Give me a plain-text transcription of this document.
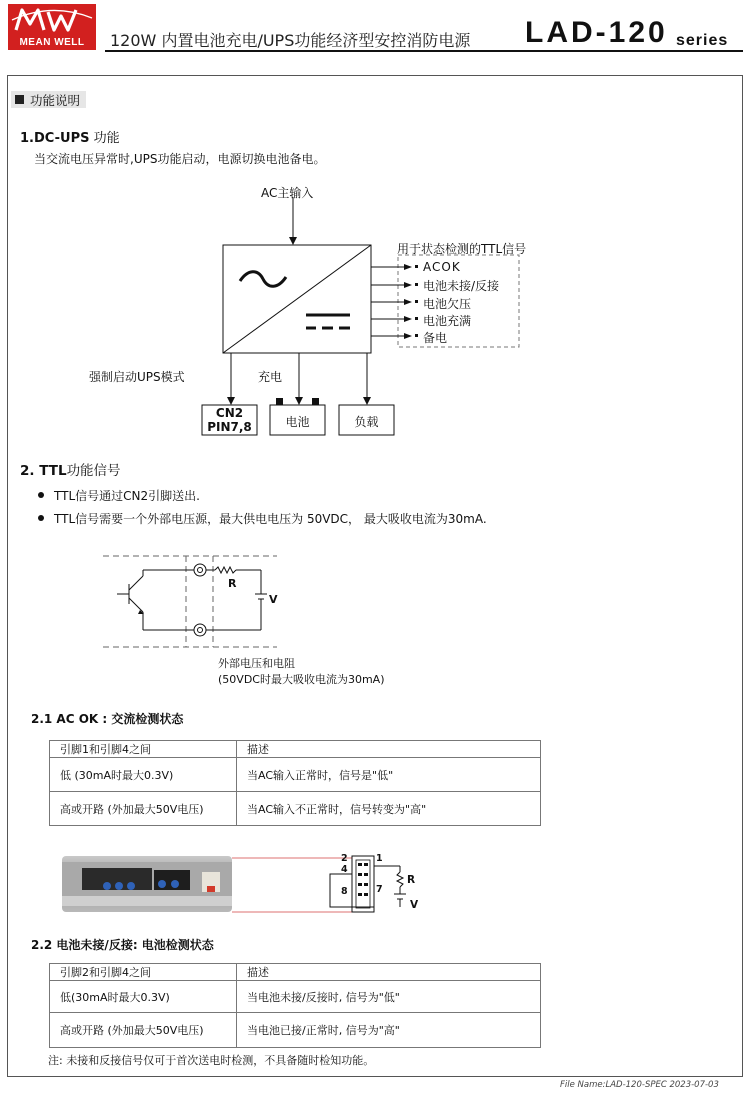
MEAN WELL	120W 内置电池充电/UPS功能经济型安控消防电源 LAD-120 series
功能说明
1.DC-UPS 功能
当交流电压异常时,UPS功能启动，电源切换电池备电。
AC主输入
用于状态检测的TTL信号
ACOK
电池未接/反接
电池欠压
电池充满
备电
强制启动UPS模式	充电
CN2
PIN7,8	电池	负载
2. TTL功能信号
TTL信号通过CN2引脚送出.
TTL信号需要一个外部电压源，最大供电电压为 50VDC， 最大吸收电流为30mA.
R
V
外部电压和电阻
(50VDC时最大吸收电流为30mA)
2.1 AC OK : 交流检测状态
引脚1和引脚4之间	描述
低 (30mA时最大0.3V)	当AC输入正常时，信号是"低"
高或开路 (外加最大50V电压)	当AC输入不正常时，信号转变为"高"
2	1
4
8	7
R
V
2.2 电池未接/反接: 电池检测状态
引脚2和引脚4之间	描述
低(30mA时最大0.3V)	当电池未接/反接时, 信号为"低"
高或开路 (外加最大50V电压)	当电池已接/正常时, 信号为"高"
注: 未接和反接信号仅可于首次送电时检测，不具备随时检知功能。
File Name:LAD-120-SPEC 2023-07-03
